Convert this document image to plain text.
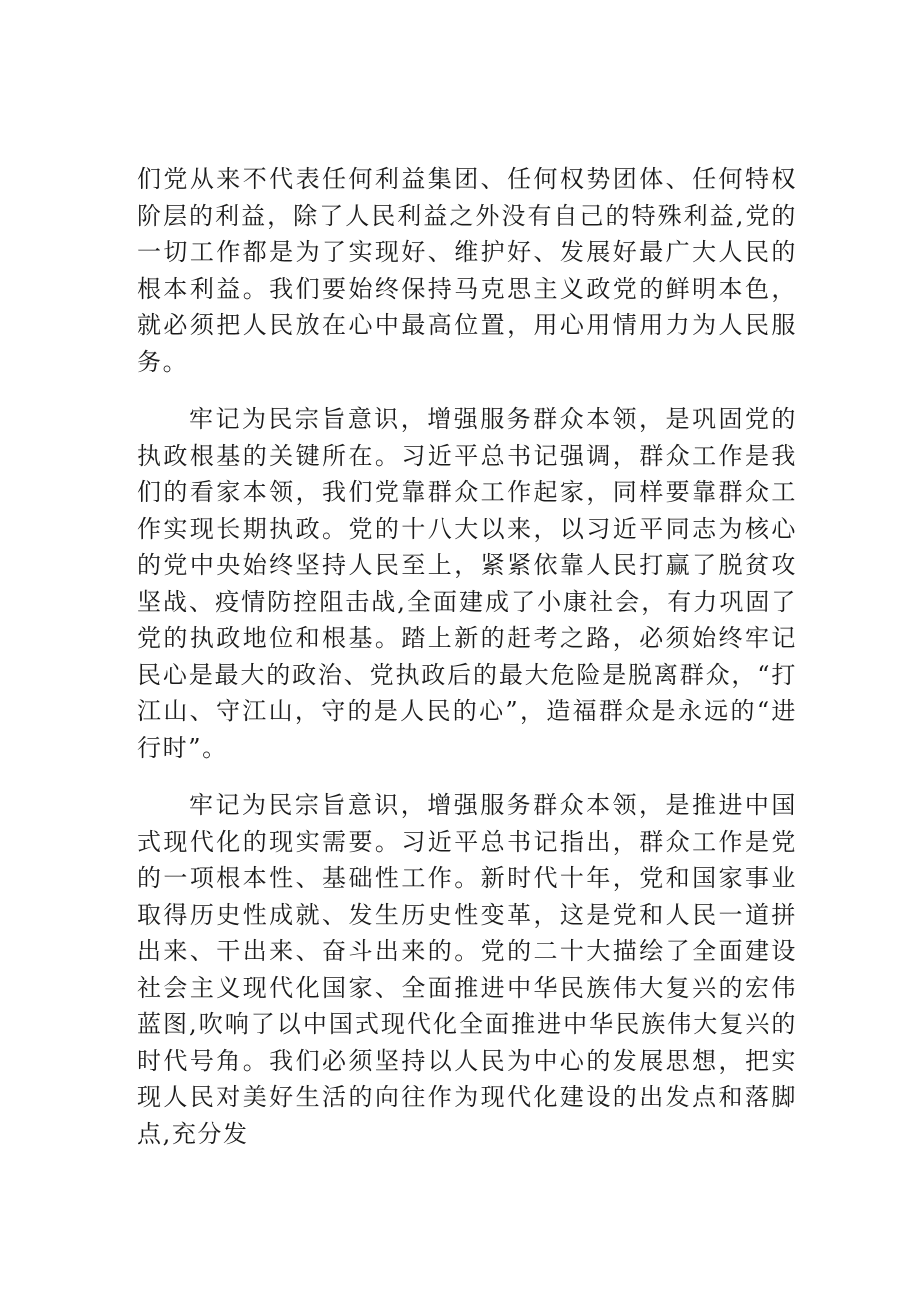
们党从来不代表任何利益集团、任何权势团体、任何特权阶层的利益，除了人民利益之外没有自己的特殊利益,党的一切工作都是为了实现好、维护好、发展好最广大人民的根本利益。我们要始终保持马克思主义政党的鲜明本色，就必须把人民放在心中最高位置，用心用情用力为人民服务。

牢记为民宗旨意识，增强服务群众本领，是巩固党的执政根基的关键所在。习近平总书记强调，群众工作是我们的看家本领，我们党靠群众工作起家，同样要靠群众工作实现长期执政。党的十八大以来，以习近平同志为核心的党中央始终坚持人民至上，紧紧依靠人民打赢了脱贫攻坚战、疫情防控阻击战,全面建成了小康社会，有力巩固了党的执政地位和根基。踏上新的赶考之路，必须始终牢记民心是最大的政治、党执政后的最大危险是脱离群众，“打江山、守江山，守的是人民的心”，造福群众是永远的“进行时”。

牢记为民宗旨意识，增强服务群众本领，是推进中国式现代化的现实需要。习近平总书记指出，群众工作是党的一项根本性、基础性工作。新时代十年，党和国家事业取得历史性成就、发生历史性变革，这是党和人民一道拼出来、干出来、奋斗出来的。党的二十大描绘了全面建设社会主义现代化国家、全面推进中华民族伟大复兴的宏伟蓝图,吹响了以中国式现代化全面推进中华民族伟大复兴的时代号角。我们必须坚持以人民为中心的发展思想，把实现人民对美好生活的向往作为现代化建设的出发点和落脚点,充分发
